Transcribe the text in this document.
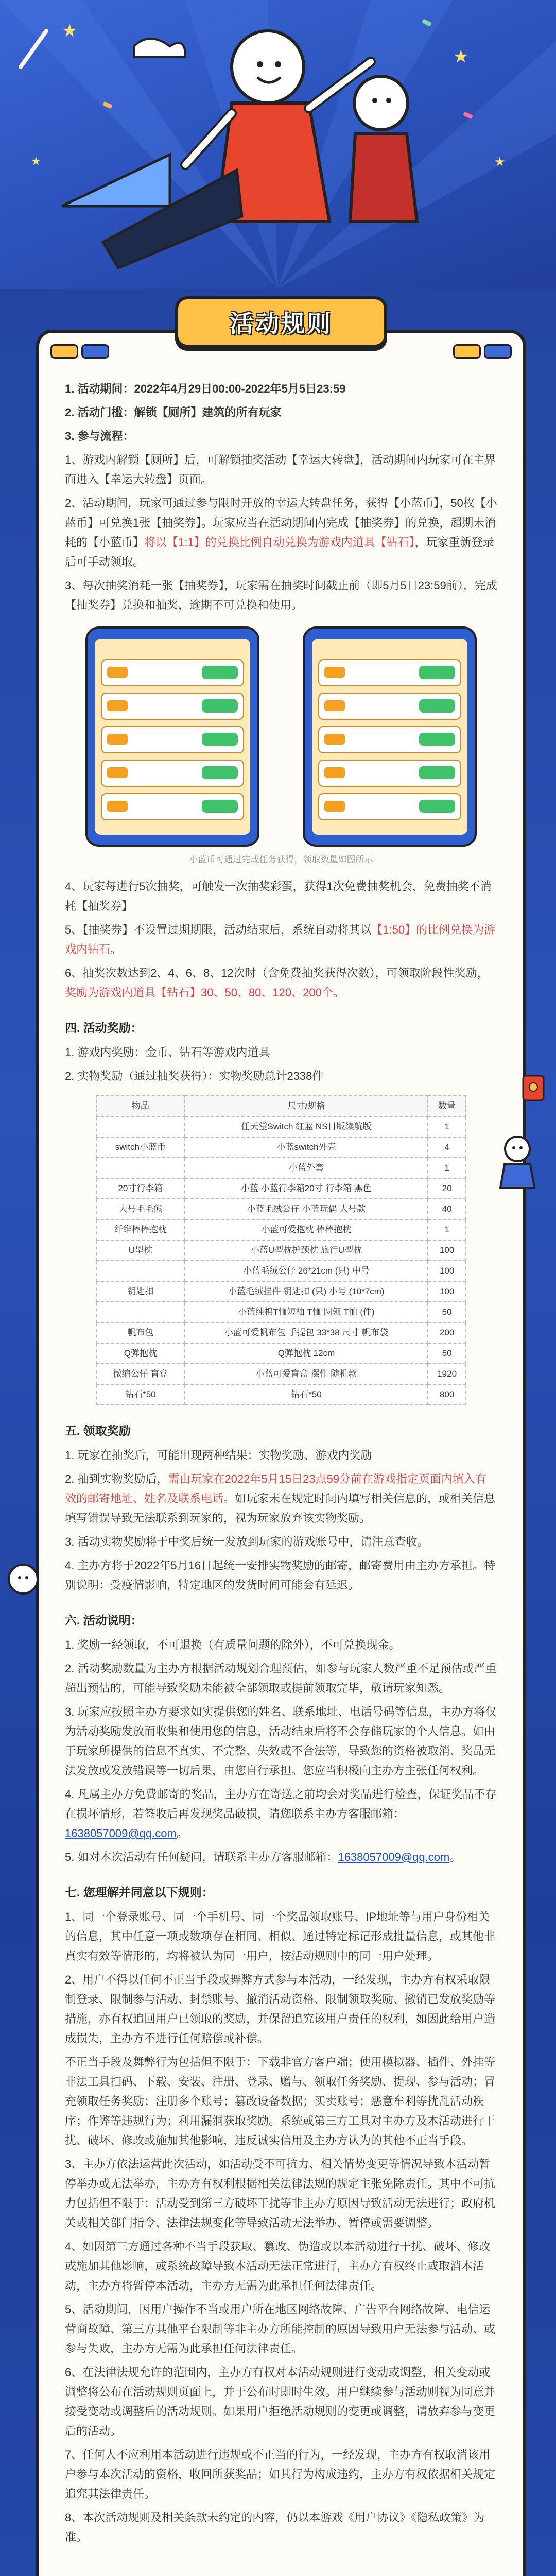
★
★
★
★

1. 活动期间：2022年4月29日00:00-2022年5月5日23:59

2. 活动门槛：解锁【厕所】建筑的所有玩家

3. 参与流程：

1、游戏内解锁【厕所】后，可解锁抽奖活动【幸运大转盘】，活动期间内玩家可在主界面进入【幸运大转盘】页面。

2、活动期间，玩家可通过参与限时开放的幸运大转盘任务，获得【小蓝币】，50枚【小蓝币】可兑换1张【抽奖券】。玩家应当在活动期间内完成【抽奖券】的兑换，超期未消耗的【小蓝币】将以【1:1】的兑换比例自动兑换为游戏内道具【钻石】，玩家重新登录后可手动领取。

3、每次抽奖消耗一张【抽奖券】，玩家需在抽奖时间截止前（即5月5日23:59前），完成【抽奖券】兑换和抽奖，逾期不可兑换和使用。

小蓝币可通过完成任务获得，领取数量如图所示

4、玩家每进行5次抽奖，可触发一次抽奖彩蛋，获得1次免费抽奖机会，免费抽奖不消耗【抽奖券】

5、【抽奖券】不设置过期期限，活动结束后，系统自动将其以【1:50】的比例兑换为游戏内钻石。

6、抽奖次数达到2、4、6、8、12次时（含免费抽奖获得次数），可领取阶段性奖励，奖励为游戏内道具【钻石】30、50、80、120、200个。

四. 活动奖励：

1. 游戏内奖励：金币、钻石等游戏内道具

2. 实物奖励（通过抽奖获得）：实物奖励总计2338件

物品	尺寸/规格	数量
	任天堂Switch 红蓝 NS日版续航版	1
switch小蓝币	小蓝switch外壳	4
	小蓝外套	1
20寸行李箱	小蓝 小蓝行李箱20寸 行李箱 黑色	20
大号毛毛熊	小蓝毛绒公仔 小蓝玩偶 大号款	40
纤维棒棒抱枕	小蓝可爱抱枕 棒棒抱枕	1
U型枕	小蓝U型枕护颈枕 旅行U型枕	100
	小蓝毛绒公仔 26*21cm (只) 中号	100
钥匙扣	小蓝毛绒挂件 钥匙扣 (只) 小号 (10*7cm)	100
	小蓝纯棉T恤短袖 T恤 圆领 T恤 (件)	50
帆布包	小蓝可爱帆布包 手提包 33*38 尺寸 帆布袋	200
Q弹抱枕	Q弹抱枕 12cm	50
微缩公仔 盲盒	小蓝可爱盲盒 摆件 随机款	1920
钻石*50	钻石*50	800
五. 领取奖励

1. 玩家在抽奖后，可能出现两种结果：实物奖励、游戏内奖励

2. 抽到实物奖励后，需由玩家在2022年5月15日23点59分前在游戏指定页面内填入有效的邮寄地址、姓名及联系电话。如玩家未在规定时间内填写相关信息的，或相关信息填写错误导致无法联系到玩家的，视为玩家放弃该实物奖励。

3. 活动实物奖励将于中奖后统一发放到玩家的游戏账号中，请注意查收。

4. 主办方将于2022年5月16日起统一安排实物奖励的邮寄，邮寄费用由主办方承担。特别说明：受疫情影响，特定地区的发货时间可能会有延迟。

六. 活动说明：

1. 奖励一经领取，不可退换（有质量问题的除外），不可兑换现金。

2. 活动奖励数量为主办方根据活动规划合理预估，如参与玩家人数严重不足预估或严重超出预估的，可能导致奖励未能被全部领取或提前领取完毕，敬请玩家知悉。

3. 玩家应按照主办方要求如实提供您的姓名、联系地址、电话号码等信息，主办方将仅为活动奖励发放而收集和使用您的信息，活动结束后将不会存储玩家的个人信息。如由于玩家所提供的信息不真实、不完整、失效或不合法等，导致您的资格被取消、奖品无法发放或发放错误等一切后果，由您自行承担。您应当积极向主办方主张任何权利。

4. 凡属主办方免费邮寄的奖品，主办方在寄送之前均会对奖品进行检查，保证奖品不存在损坏情形，若签收后再发现奖品破损，请您联系主办方客服邮箱：1638057009@qq.com。

5. 如对本次活动有任何疑问，请联系主办方客服邮箱：1638057009@qq.com。

七. 您理解并同意以下规则：

1、同一个登录账号、同一个手机号、同一个奖品领取账号、IP地址等与用户身份相关的信息，其中任意一项或数项存在相同、相似、通过特定标记形成批量信息，或其他非真实有效等情形的，均将被认为同一用户，按活动规则中的同一用户处理。

2、用户不得以任何不正当手段或舞弊方式参与本活动，一经发现，主办方有权采取限制登录、限制参与活动、封禁账号、撤消活动资格、限制领取奖励、撤销已发放奖励等措施，亦有权追回用户已领取的奖励，并保留追究该用户责任的权利，如因此给用户造成损失，主办方不进行任何赔偿或补偿。

不正当手段及舞弊行为包括但不限于：下载非官方客户端；使用模拟器、插件、外挂等非法工具扫码、下载、安装、注册、登录、赠与、领取任务奖励、提现、参与活动；冒充领取任务奖励；注册多个账号；篡改设备数据；买卖账号；恶意牟利等扰乱活动秩序；作弊等违规行为；利用漏洞获取奖励。系统或第三方工具对主办方及本活动进行干扰、破坏、修改或施加其他影响，违反诚实信用及主办方认为的其他不正当手段。

3、主办方依法运营此次活动，如活动受不可抗力、相关情势变更等情况导致本活动暂停举办或无法举办，主办方有权利根据相关法律法规的规定主张免除责任。其中不可抗力包括但不限于：活动受到第三方破坏干扰等非主办方原因导致活动无法进行；政府机关或相关部门指令、法律法规变化等导致活动无法举办、暂停或需要调整。

4、如因第三方通过各种不当手段获取、篡改、伪造或以本活动进行干扰、破坏、修改或施加其他影响，或系统故障导致本活动无法正常进行，主办方有权终止或取消本活动，主办方将暂停本活动，主办方无需为此承担任何法律责任。

5、活动期间，因用户操作不当或用户所在地区网络故障、广告平台网络故障、电信运营商故障、第三方其他平台限制等非主办方所能控制的原因导致用户无法参与活动、或参与失败，主办方无需为此承担任何法律责任。

6、在法律法规允许的范围内，主办方有权对本活动规则进行变动或调整，相关变动或调整将公布在活动规则页面上，并于公布时即时生效。用户继续参与活动则视为同意并接受变动或调整后的活动规则。如果用户拒绝活动规则的变更或调整，请放弃参与变更后的活动。

7、任何人不应利用本活动进行违规或不正当的行为，一经发现，主办方有权取消该用户参与本次活动的资格，收回所获奖品；如其行为构成违约，主办方有权依据相关规定追究其法律责任。

8、本次活动规则及相关条款未约定的内容，仍以本游戏《用户协议》《隐私政策》为准。

活动规则
